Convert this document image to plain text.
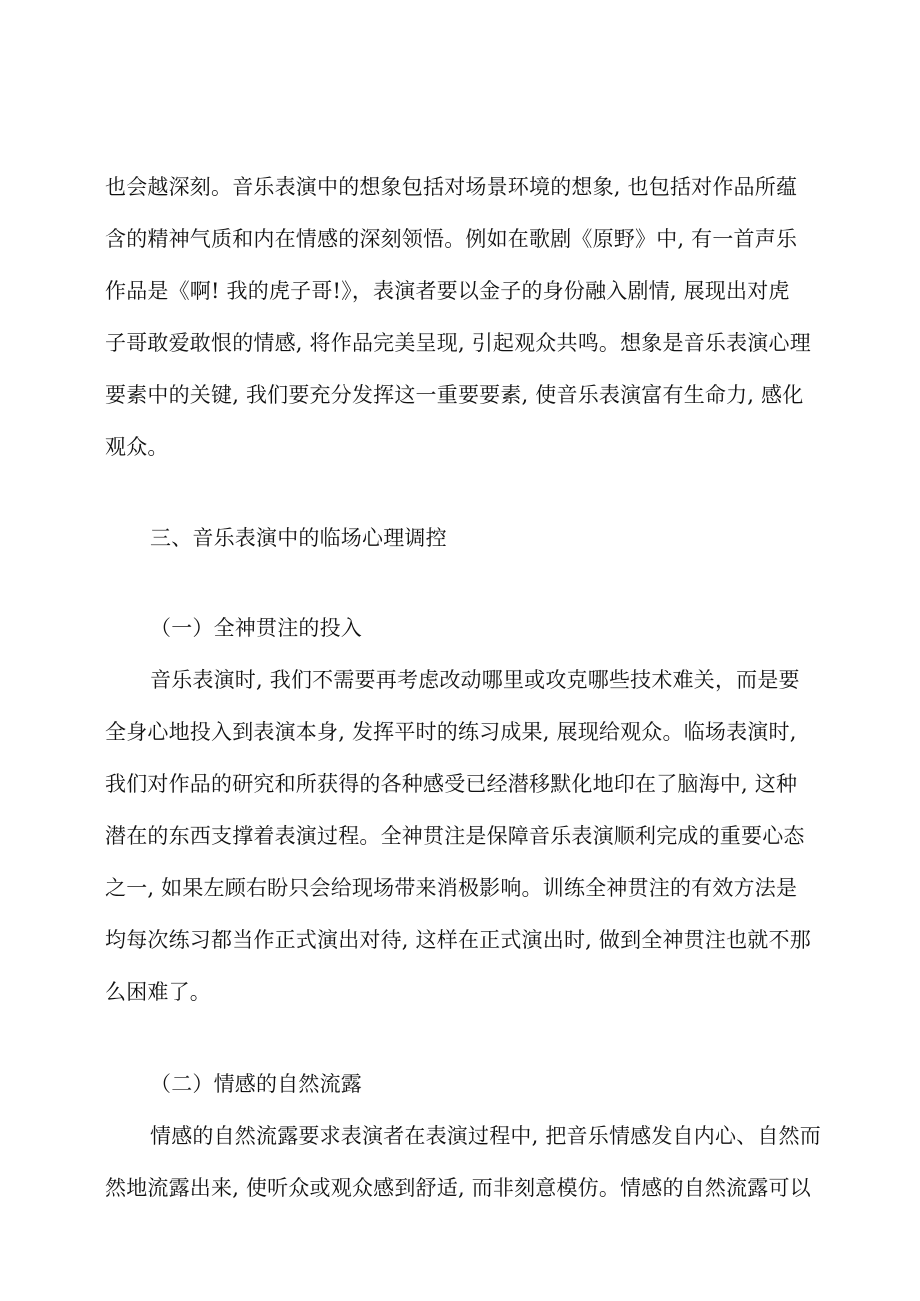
也会越深刻。音乐表演中的想象包括对场景环境的想象, 也包括对作品所蕴
含的精神气质和内在情感的深刻领悟。例如在歌剧《原野》中, 有一首声乐
作品是《啊! 我的虎子哥!》，表演者要以金子的身份融入剧情, 展现出对虎
子哥敢爱敢恨的情感, 将作品完美呈现, 引起观众共鸣。想象是音乐表演心理
要素中的关键, 我们要充分发挥这一重要要素, 使音乐表演富有生命力, 感化
观众。
三、音乐表演中的临场心理调控
（一）全神贯注的投入
音乐表演时, 我们不需要再考虑改动哪里或攻克哪些技术难关，而是要
全身心地投入到表演本身, 发挥平时的练习成果, 展现给观众。临场表演时,
我们对作品的研究和所获得的各种感受已经潜移默化地印在了脑海中, 这种
潜在的东西支撑着表演过程。全神贯注是保障音乐表演顺利完成的重要心态
之一, 如果左顾右盼只会给现场带来消极影响。训练全神贯注的有效方法是
均每次练习都当作正式演出对待, 这样在正式演出时, 做到全神贯注也就不那
么困难了。
（二）情感的自然流露
情感的自然流露要求表演者在表演过程中, 把音乐情感发自内心、自然而
然地流露出来, 使听众或观众感到舒适, 而非刻意模仿。情感的自然流露可以
